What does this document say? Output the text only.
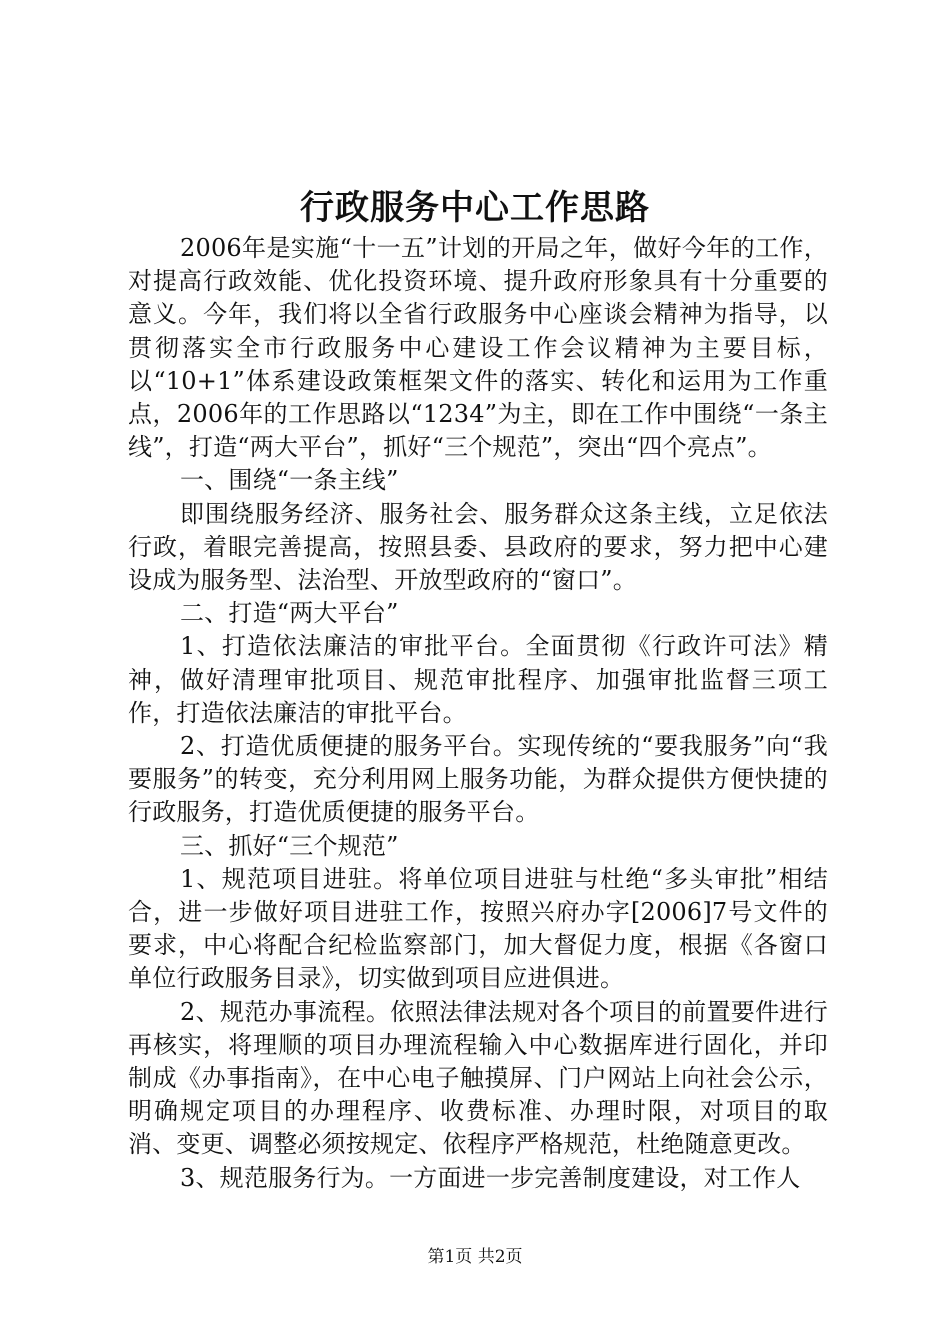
行政服务中心工作思路

2006年是实施“十一五”计划的开局之年，做好今年的工作，对提高行政效能、优化投资环境、提升政府形象具有十分重要的意义。今年，我们将以全省行政服务中心座谈会精神为指导，以贯彻落实全市行政服务中心建设工作会议精神为主要目标，以“10+1”体系建设政策框架文件的落实、转化和运用为工作重点，2006年的工作思路以“1234”为主，即在工作中围绕“一条主线”，打造“两大平台”，抓好“三个规范”，突出“四个亮点”。

一、围绕“一条主线”

即围绕服务经济、服务社会、服务群众这条主线，立足依法行政，着眼完善提高，按照县委、县政府的要求，努力把中心建设成为服务型、法治型、开放型政府的“窗口”。

二、打造“两大平台”

1、打造依法廉洁的审批平台。全面贯彻《行政许可法》精神，做好清理审批项目、规范审批程序、加强审批监督三项工作，打造依法廉洁的审批平台。

2、打造优质便捷的服务平台。实现传统的“要我服务”向“我要服务”的转变，充分利用网上服务功能，为群众提供方便快捷的行政服务，打造优质便捷的服务平台。

三、抓好“三个规范”

1、规范项目进驻。将单位项目进驻与杜绝“多头审批”相结合，进一步做好项目进驻工作，按照兴府办字[2006]7号文件的要求，中心将配合纪检监察部门，加大督促力度，根据《各窗口单位行政服务目录》，切实做到项目应进俱进。

2、规范办事流程。依照法律法规对各个项目的前置要件进行再核实，将理顺的项目办理流程输入中心数据库进行固化，并印制成《办事指南》，在中心电子触摸屏、门户网站上向社会公示，明确规定项目的办理程序、收费标准、办理时限，对项目的取消、变更、调整必须按规定、依程序严格规范，杜绝随意更改。

3、规范服务行为。一方面进一步完善制度建设，对工作人

第1页 共2页
